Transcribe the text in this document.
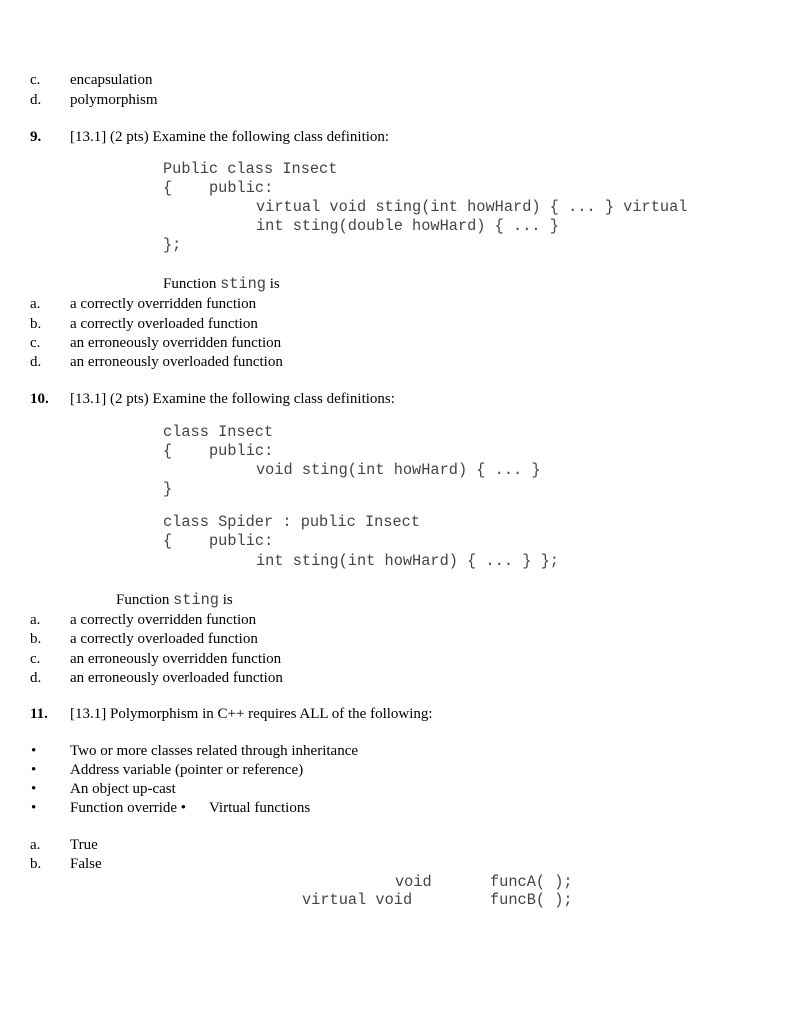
c. encapsulation
d. polymorphism
9. [13.1] (2 pts) Examine the following class definition:
Public class Insect
{ public:
virtual void sting(int howHard) { ... } virtual
int sting(double howHard) { ... }
};
Function sting is
a. a correctly overridden function
b. a correctly overloaded function
c. an erroneously overridden function
d. an erroneously overloaded function
10. [13.1] (2 pts) Examine the following class definitions:
class Insect
{ public:
void sting(int howHard) { ... }
}
class Spider : public Insect
{ public:
int sting(int howHard) { ... } };
Function sting is
a. a correctly overridden function
b. a correctly overloaded function
c. an erroneously overridden function
d. an erroneously overloaded function
11. [13.1] Polymorphism in C++ requires ALL of the following:
• Two or more classes related through inheritance
• Address variable (pointer or reference)
• An object up-cast
• Function override • Virtual functions
a. True
b. False
void	funcA( );
virtual void	funcB( );
